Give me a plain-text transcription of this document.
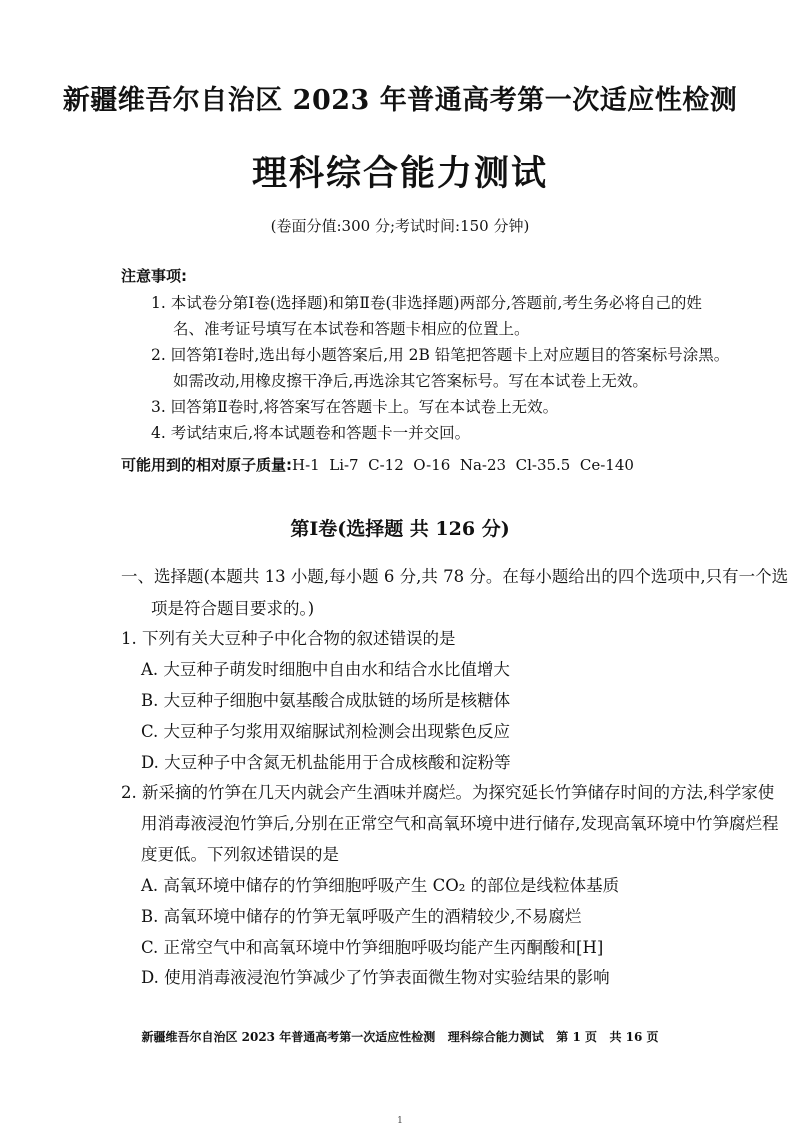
新疆维吾尔自治区 2023 年普通高考第一次适应性检测
理科综合能力测试
(卷面分值:300 分;考试时间:150 分钟)
注意事项:
1. 本试卷分第Ⅰ卷(选择题)和第Ⅱ卷(非选择题)两部分,答题前,考生务必将自己的姓
名、准考证号填写在本试卷和答题卡相应的位置上。
2. 回答第Ⅰ卷时,选出每小题答案后,用 2B 铅笔把答题卡上对应题目的答案标号涂黑。
如需改动,用橡皮擦干净后,再选涂其它答案标号。写在本试卷上无效。
3. 回答第Ⅱ卷时,将答案写在答题卡上。写在本试卷上无效。
4. 考试结束后,将本试题卷和答题卡一并交回。
可能用到的相对原子质量:H-1  Li-7  C-12  O-16  Na-23  Cl-35.5  Ce-140
第Ⅰ卷(选择题 共 126 分)
一、选择题(本题共 13 小题,每小题 6 分,共 78 分。在每小题给出的四个选项中,只有一个选
项是符合题目要求的。)
1. 下列有关大豆种子中化合物的叙述错误的是
A. 大豆种子萌发时细胞中自由水和结合水比值增大
B. 大豆种子细胞中氨基酸合成肽链的场所是核糖体
C. 大豆种子匀浆用双缩脲试剂检测会出现紫色反应
D. 大豆种子中含氮无机盐能用于合成核酸和淀粉等
2. 新采摘的竹笋在几天内就会产生酒味并腐烂。为探究延长竹笋储存时间的方法,科学家使
用消毒液浸泡竹笋后,分别在正常空气和高氧环境中进行储存,发现高氧环境中竹笋腐烂程
度更低。下列叙述错误的是
A. 高氧环境中储存的竹笋细胞呼吸产生 CO₂ 的部位是线粒体基质
B. 高氧环境中储存的竹笋无氧呼吸产生的酒精较少,不易腐烂
C. 正常空气中和高氧环境中竹笋细胞呼吸均能产生丙酮酸和[H]
D. 使用消毒液浸泡竹笋减少了竹笋表面微生物对实验结果的影响
新疆维吾尔自治区 2023 年普通高考第一次适应性检测   理科综合能力测试   第 1 页   共 16 页
1
